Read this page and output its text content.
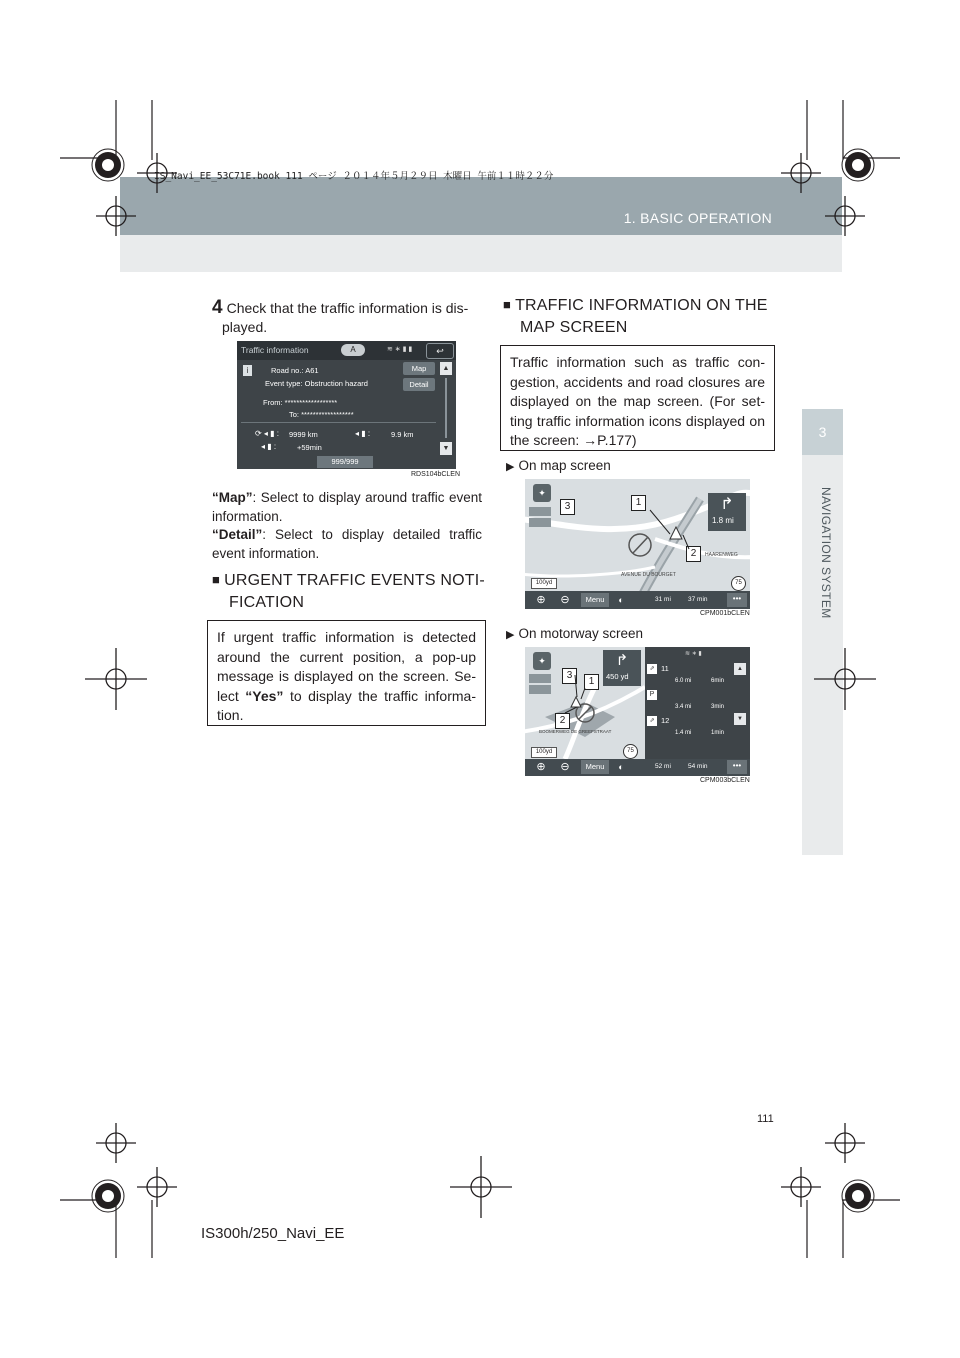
1. BASIC OPERATION
IS_Navi_EE_53C71E.book 111 ページ ２０１４年５月２９日 木曜日 午前１１時２２分
3
NAVIGATION SYSTEM
4 Check that the traffic information is dis-
played.
Traffic information	A	≋ ∗ ▮ ▮	↩
i	Road no.: A61
Event type: Obstruction hazard
Map
Detail
▲
▼
From: ******************
To: ******************
⟳ ◂ ▮ : 9999 km	◂ ▮ :	9.9 km
◂ ▮ :	+59min
999/999
RDS104bCLEN
“Map”: Select to display around traffic event information.
“Detail”: Select to display detailed traffic event information.
■ URGENT TRAFFIC EVENTS NOTI-
FICATION
If urgent traffic information is detected around the current position, a pop-up message is displayed on the screen. Se-lect “Yes” to display the traffic informa-tion.
■ TRAFFIC INFORMATION ON THE
MAP SCREEN
Traffic information such as traffic con-gestion, accidents and road closures are displayed on the map screen. (For set-ting traffic information icons displayed on the screen: →P.177)
▶ On map screen
✦
↱
1.8 mi
HAARENWEG
AVENUE DU BOURGET
100yd	75
⊕	⊖	Menu	◐	31 mi	37 min	•••
3	1
2
CPM001bCLEN
▶ On motorway screen
✦	↱
450 yd
BOOMERWEG DE GREEFSTRAAT
100yd	75
≋ ∗ ▮
⇗ 11
6.0 mi	6min
P
3.4 mi	3min
⇗ 12
1.4 mi	1min
▲
▼
⊕	⊖	Menu	◐	52 mi	54 min	•••
3
1
2
CPM003bCLEN
111
IS300h/250_Navi_EE
